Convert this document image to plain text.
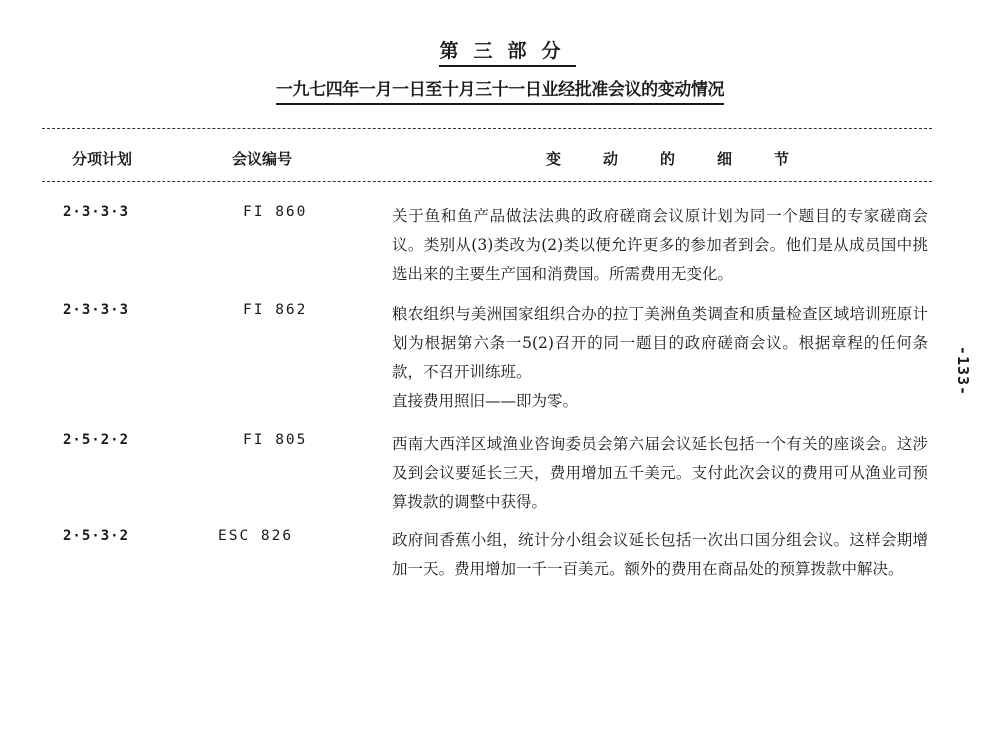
第三部分
一九七四年一月一日至十月三十一日业经批准会议的变动情况
分项计划	会议编号	变动的细节
2·3·3·3	FI 860	关于鱼和鱼产品做法法典的政府磋商会议原计划为同一个题目的专家磋商会议。类别从(3)类改为(2)类以便允许更多的参加者到会。他们是从成员国中挑选出来的主要生产国和消费国。所需费用无变化。

2·3·3·3	FI 862	粮农组织与美洲国家组织合办的拉丁美洲鱼类调查和质量检查区域培训班原计划为根据第六条一5(2)召开的同一题目的政府磋商会议。根据章程的任何条款，不召开训练班。

直接费用照旧——即为零。

2·5·2·2	FI 805	西南大西洋区域渔业咨询委员会第六届会议延长包括一个有关的座谈会。这涉及到会议要延长三天，费用增加五千美元。支付此次会议的费用可从渔业司预算拨款的调整中获得。

2·5·3·2	ESC 826	政府间香蕉小组，统计分小组会议延长包括一次出口国分组会议。这样会期增加一天。费用增加一千一百美元。额外的费用在商品处的预算拨款中解决。

-133-
